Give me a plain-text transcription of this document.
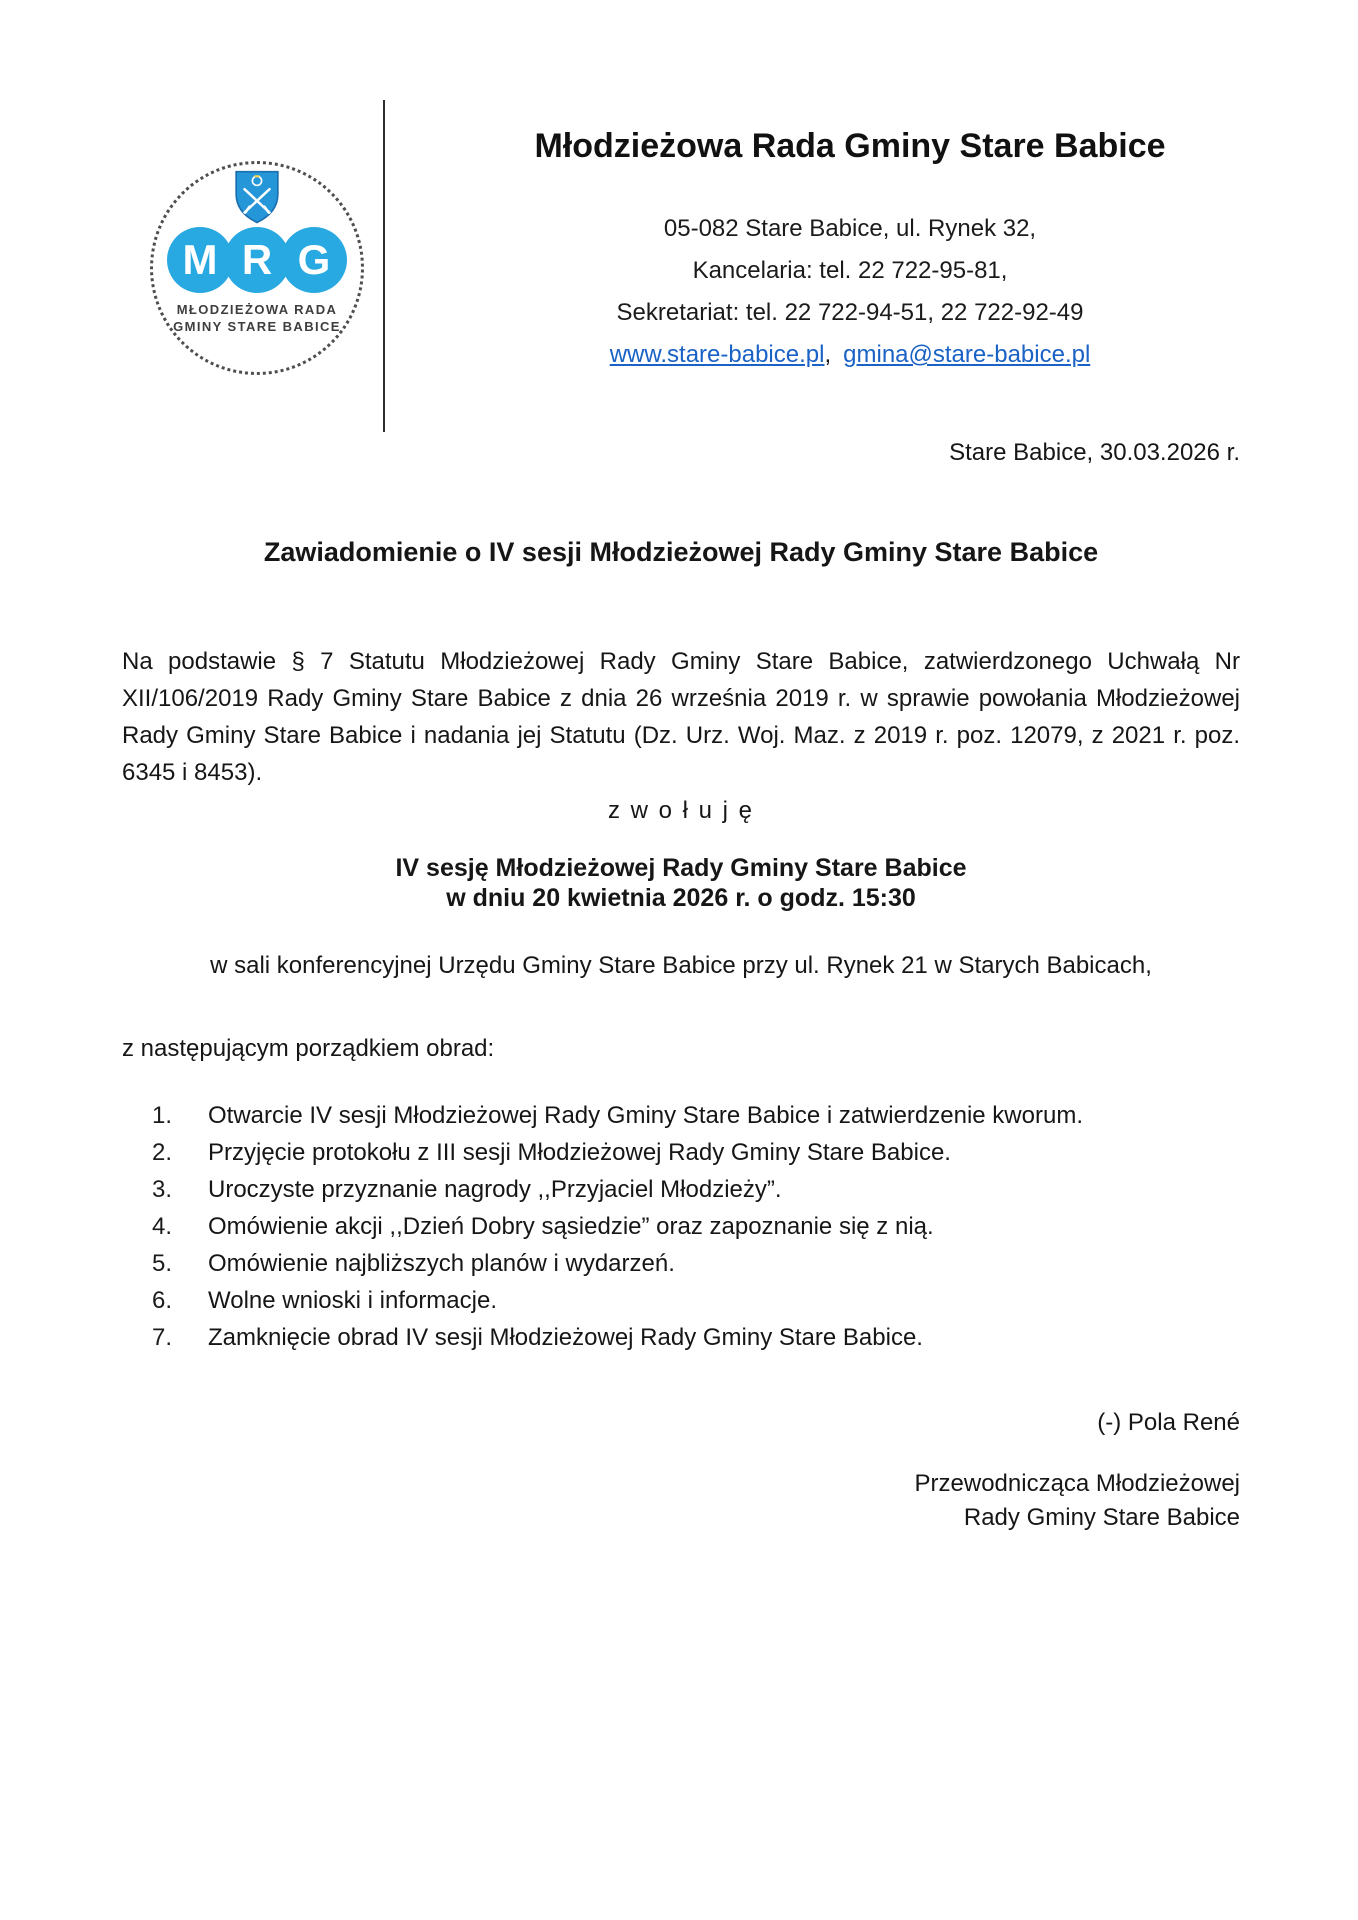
M R G
MŁODZIEŻOWA RADA
GMINY STARE BABICE
Młodzieżowa Rada Gminy Stare Babice
05-082 Stare Babice, ul. Rynek 32,
Kancelaria: tel. 22 722-95-81,
Sekretariat: tel. 22 722-94-51, 22 722-92-49
www.stare-babice.pl, gmina@stare-babice.pl
Stare Babice, 30.03.2026 r.
Zawiadomienie o IV sesji Młodzieżowej Rady Gminy Stare Babice

Na podstawie § 7 Statutu Młodzieżowej Rady Gminy Stare Babice, zatwierdzonego Uchwałą Nr XII/106/2019 Rady Gminy Stare Babice z dnia 26 września 2019 r. w sprawie powołania Młodzieżowej Rady Gminy Stare Babice i nadania jej Statutu (Dz. Urz. Woj. Maz. z 2019 r. poz. 12079, z 2021 r. poz. 6345 i 8453).

z w o ł u j ę
IV sesję Młodzieżowej Rady Gminy Stare Babice
w dniu 20 kwietnia 2026 r. o godz. 15:30
w sali konferencyjnej Urzędu Gminy Stare Babice przy ul. Rynek 21 w Starych Babicach,
z następującym porządkiem obrad:
1.	Otwarcie IV sesji Młodzieżowej Rady Gminy Stare Babice i zatwierdzenie kworum.
2.	Przyjęcie protokołu z III sesji Młodzieżowej Rady Gminy Stare Babice.
3.	Uroczyste przyznanie nagrody ,,Przyjaciel Młodzieży”.
4.	Omówienie akcji ,,Dzień Dobry sąsiedzie” oraz zapoznanie się z nią.
5.	Omówienie najbliższych planów i wydarzeń.
6.	Wolne wnioski i informacje.
7.	Zamknięcie obrad IV sesji Młodzieżowej Rady Gminy Stare Babice.
(-) Pola René
Przewodnicząca Młodzieżowej
Rady Gminy Stare Babice
